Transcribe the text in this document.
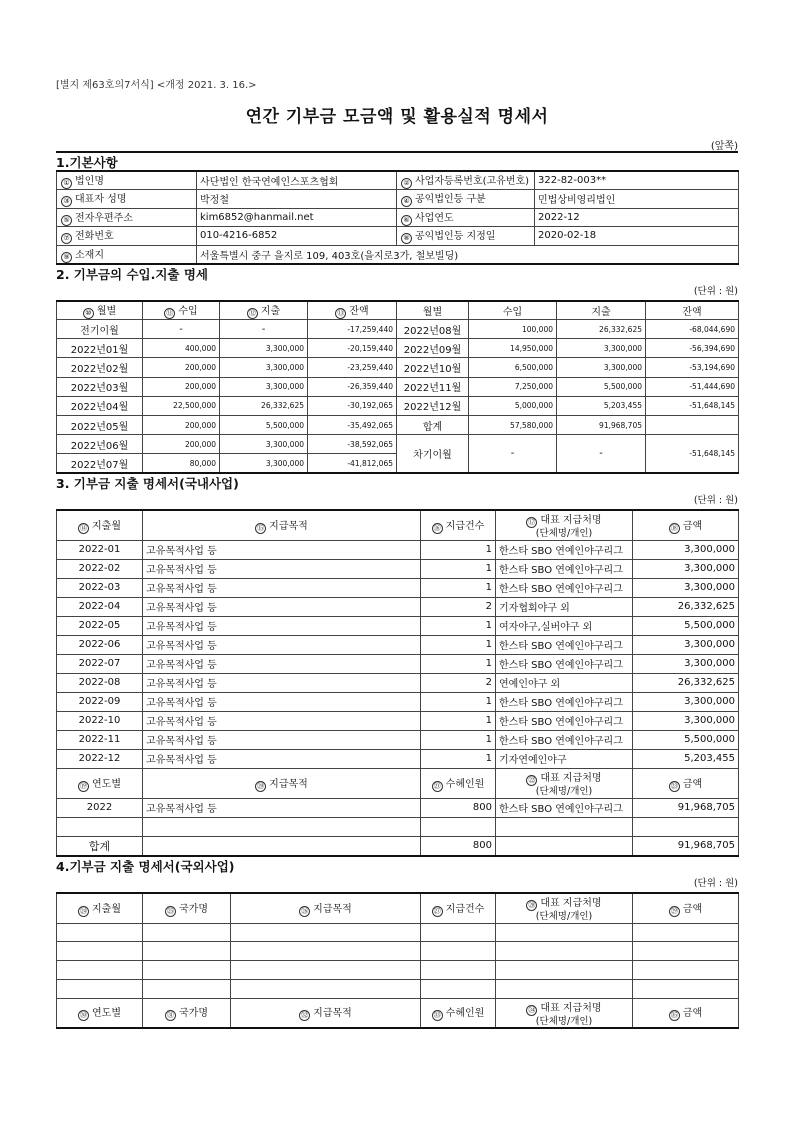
[별지 제63호의7서식] <개정 2021. 3. 16.>
연간 기부금 모금액 및 활용실적 명세서
(앞쪽)
1.기본사항
① 법인명	사단법인 한국연예인스포츠협회	② 사업자등록번호(고유번호)	322-82-003**
③ 대표자 성명	박정철	④ 공익법인등 구분	민법상비영리법인
⑤ 전자우편주소	kim6852@hanmail.net	⑥ 사업연도	2022-12
⑦ 전화번호	010-4216-6852	⑧ 공익법인등 지정일	2020-02-18
⑨ 소재지	서울특별시 중구 을지로 109, 403호(을지로3가, 철보빌딩)		
2. 기부금의 수입.지출 명세
(단위 : 원)
⑩ 월별	⑪ 수입	⑫ 지출	⑬ 잔액	월별	수입	지출	잔액
전기이월	-	-	-17,259,440	2022년08월	100,000	26,332,625	-68,044,690
2022년01월	400,000	3,300,000	-20,159,440	2022년09월	14,950,000	3,300,000	-56,394,690
2022년02월	200,000	3,300,000	-23,259,440	2022년10월	6,500,000	3,300,000	-53,194,690
2022년03월	200,000	3,300,000	-26,359,440	2022년11월	7,250,000	5,500,000	-51,444,690
2022년04월	22,500,000	26,332,625	-30,192,065	2022년12월	5,000,000	5,203,455	-51,648,145
2022년05월	200,000	5,500,000	-35,492,065	합계	57,580,000	91,968,705	
2022년06월	200,000	3,300,000	-38,592,065	차기이월	-	-	-51,648,145
2022년07월	80,000	3,300,000	-41,812,065				
3. 기부금 지출 명세서(국내사업)
(단위 : 원)
⑭ 지출월	⑮ 지급목적	⑯ 지급건수	⑰ 대표 지급처명
(단체명/개인)	⑱ 금액
2022-01	고유목적사업 등	1	한스타 SBO 연예인야구리그	3,300,000
2022-02	고유목적사업 등	1	한스타 SBO 연예인야구리그	3,300,000
2022-03	고유목적사업 등	1	한스타 SBO 연예인야구리그	3,300,000
2022-04	고유목적사업 등	2	기자협회야구 외	26,332,625
2022-05	고유목적사업 등	1	여자야구,실버야구 외	5,500,000
2022-06	고유목적사업 등	1	한스타 SBO 연예인야구리그	3,300,000
2022-07	고유목적사업 등	1	한스타 SBO 연예인야구리그	3,300,000
2022-08	고유목적사업 등	2	연예인야구 외	26,332,625
2022-09	고유목적사업 등	1	한스타 SBO 연예인야구리그	3,300,000
2022-10	고유목적사업 등	1	한스타 SBO 연예인야구리그	3,300,000
2022-11	고유목적사업 등	1	한스타 SBO 연예인야구리그	5,500,000
2022-12	고유목적사업 등	1	기자연예인야구	5,203,455
⑲ 연도별	⑳ 지급목적	㉑ 수혜인원	㉒ 대표 지급처명
(단체명/개인)	㉓ 금액
2022	고유목적사업 등	800	한스타 SBO 연예인야구리그	91,968,705

합계		800		91,968,705
4.기부금 지출 명세서(국외사업)
(단위 : 원)
㉔ 지출월	㉕ 국가명	㉖ 지급목적	㉗ 지급건수	㉘ 대표 지급처명
(단체명/개인)	㉙ 금액

㉚ 연도별	㉛ 국가명	㉜ 지급목적	㉝ 수혜인원	㉞ 대표 지급처명
(단체명/개인)	㉟ 금액
